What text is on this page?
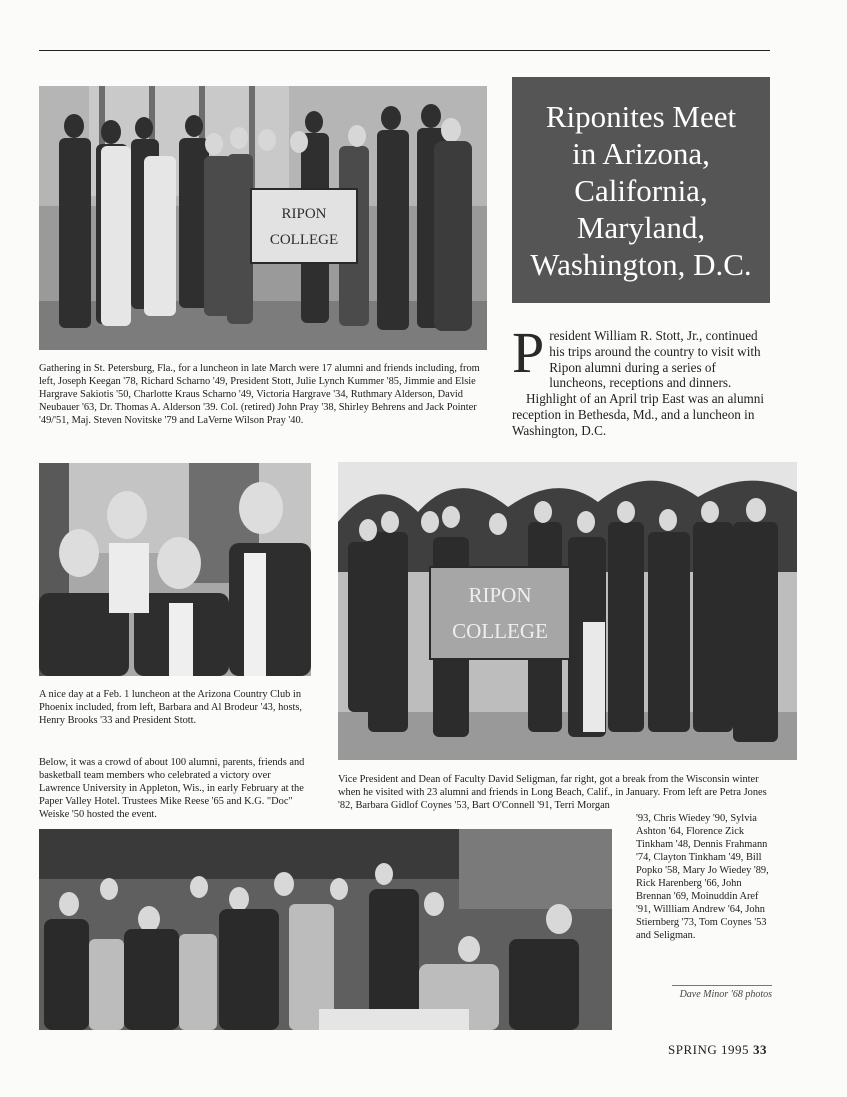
RIPON
COLLEGE
Riponites Meet
in Arizona,
California,
Maryland,
Washington, D.C.
Gathering in St. Petersburg, Fla., for a luncheon in late March were 17 alumni and friends including, from left, Joseph Keegan '78, Richard Scharno '49, President Stott, Julie Lynch Kummer '85, Jimmie and Elsie Hargrave Sakiotis '50, Charlotte Kraus Scharno '49, Victoria Hargrave '34, Ruthmary Alderson, David Neubauer '63, Dr. Thomas A. Alderson '39. Col. (retired) John Pray '38, Shirley Behrens and Jack Pointer '49/'51, Maj. Steven Novitske '79 and LaVerne Wilson Pray '40.

President William R. Stott, Jr., continued his trips around the country to visit with Ripon alumni during a series of luncheons, receptions and dinners.

Highlight of an April trip East was an alumni reception in Bethesda, Md., and a luncheon in Washington, D.C.

A nice day at a Feb. 1 luncheon at the Arizona Country Club in Phoenix included, from left, Barbara and Al Brodeur '43, hosts, Henry Brooks '33 and President Stott.
Below, it was a crowd of about 100 alumni, parents, friends and basketball team members who celebrated a victory over Lawrence University in Appleton, Wis., in early February at the Paper Valley Hotel. Trustees Mike Reese '65 and K.G. "Doc" Weiske '50 hosted the event.
RIPON
COLLEGE
Vice President and Dean of Faculty David Seligman, far right, got a break from the Wisconsin winter when he visited with 23 alumni and friends in Long Beach, Calif., in January. From left are Petra Jones '82, Barbara Gidlof Coynes '53, Bart O'Connell '91, Terri Morgan
'93, Chris Wiedey '90, Sylvia Ashton '64, Florence Zick Tinkham '48, Dennis Frahmann '74, Clayton Tinkham '49, Bill Popko '58, Mary Jo Wiedey '89, Rick Harenberg '66, John Brennan '69, Moinuddin Aref '91, Willliam Andrew '64, John Stiernberg '73, Tom Coynes '53 and Seligman.
Dave Minor '68 photos
SPRING 1995 33
